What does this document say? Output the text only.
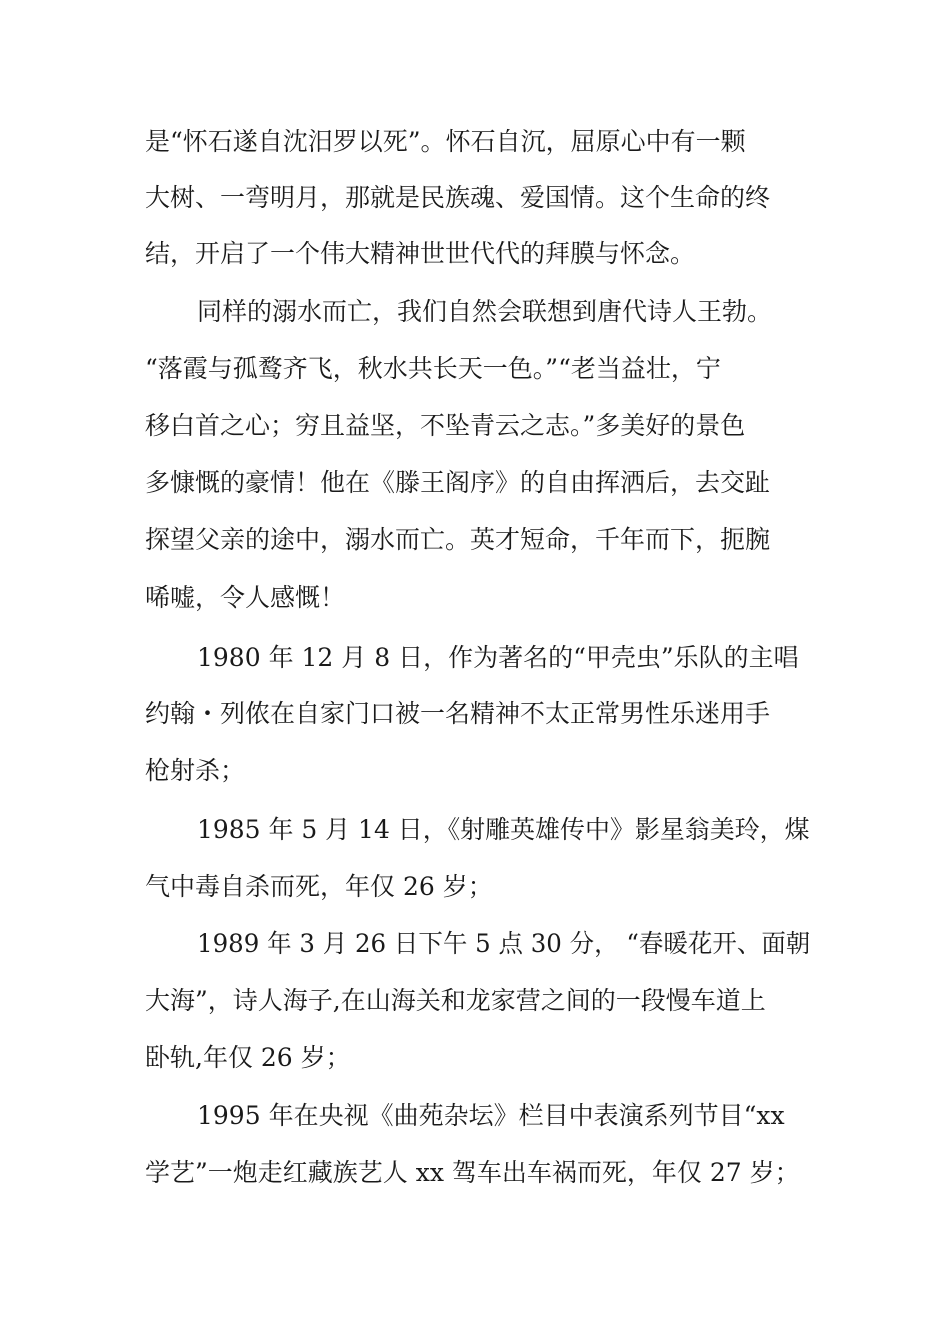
是“怀石遂自沈汨罗以死”。怀石自沉，屈原心中有一颗

大树、一弯明月，那就是民族魂、爱国情。这个生命的终

结，开启了一个伟大精神世世代代的拜膜与怀念。

同样的溺水而亡，我们自然会联想到唐代诗人王勃。

“落霞与孤鹜齐飞，秋水共长天一色。”“老当益壮，宁

移白首之心；穷且益坚，不坠青云之志。”多美好的景色

多慷慨的豪情！他在《滕王阁序》的自由挥洒后，去交趾

探望父亲的途中，溺水而亡。英才短命，千年而下，扼腕

唏嘘，令人感慨！

1980 年 12 月 8 日，作为著名的“甲壳虫”乐队的主唱

约翰・列侬在自家门口被一名精神不太正常男性乐迷用手

枪射杀；

1985 年 5 月 14 日，《射雕英雄传中》影星翁美玲，煤

气中毒自杀而死，年仅 26 岁；

1989 年 3 月 26 日下午 5 点 30 分， “春暖花开、面朝

大海”，诗人海子,在山海关和龙家营之间的一段慢车道上

卧轨,年仅 26 岁；

1995 年在央视《曲苑杂坛》栏目中表演系列节目“xx

学艺”一炮走红藏族艺人 xx 驾车出车祸而死，年仅 27 岁；
